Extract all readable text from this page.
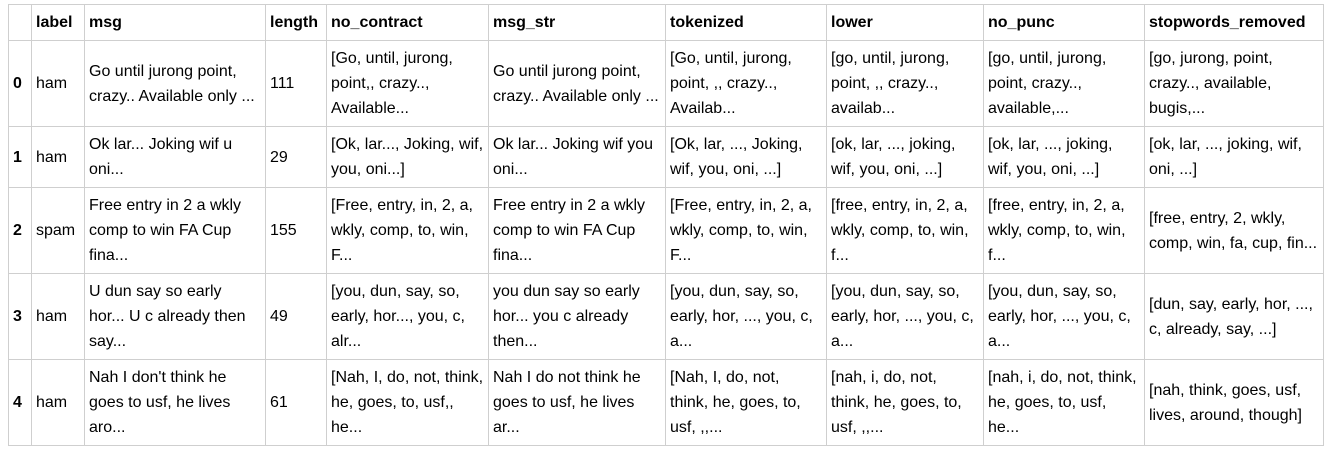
	label	msg	length	no_contract	msg_str	tokenized	lower	no_punc	stopwords_removed
0	ham	Go until jurong point, crazy.. Available only ...	111	[Go, until, jurong, point,, crazy.., Available...	Go until jurong point, crazy.. Available only ...	[Go, until, jurong, point, ,, crazy.., Availab...	[go, until, jurong, point, ,, crazy.., availab...	[go, until, jurong, point, crazy.., available,...	[go, jurong, point, crazy.., available, bugis,...
1	ham	Ok lar... Joking wif u oni...	29	[Ok, lar..., Joking, wif, you, oni...]	Ok lar... Joking wif you oni...	[Ok, lar, ..., Joking, wif, you, oni, ...]	[ok, lar, ..., joking, wif, you, oni, ...]	[ok, lar, ..., joking, wif, you, oni, ...]	[ok, lar, ..., joking, wif, oni, ...]
2	spam	Free entry in 2 a wkly comp to win FA Cup fina...	155	[Free, entry, in, 2, a, wkly, comp, to, win, F...	Free entry in 2 a wkly comp to win FA Cup fina...	[Free, entry, in, 2, a, wkly, comp, to, win, F...	[free, entry, in, 2, a, wkly, comp, to, win, f...	[free, entry, in, 2, a, wkly, comp, to, win, f...	[free, entry, 2, wkly, comp, win, fa, cup, fin...
3	ham	U dun say so early hor... U c already then say...	49	[you, dun, say, so, early, hor..., you, c, alr...	you dun say so early hor... you c already then...	[you, dun, say, so, early, hor, ..., you, c, a...	[you, dun, say, so, early, hor, ..., you, c, a...	[you, dun, say, so, early, hor, ..., you, c, a...	[dun, say, early, hor, ..., c, already, say, ...]
4	ham	Nah I don't think he goes to usf, he lives aro...	61	[Nah, I, do, not, think, he, goes, to, usf,, he...	Nah I do not think he goes to usf, he lives ar...	[Nah, I, do, not, think, he, goes, to, usf, ,,...	[nah, i, do, not, think, he, goes, to, usf, ,,...	[nah, i, do, not, think, he, goes, to, usf, he...	[nah, think, goes, usf, lives, around, though]
